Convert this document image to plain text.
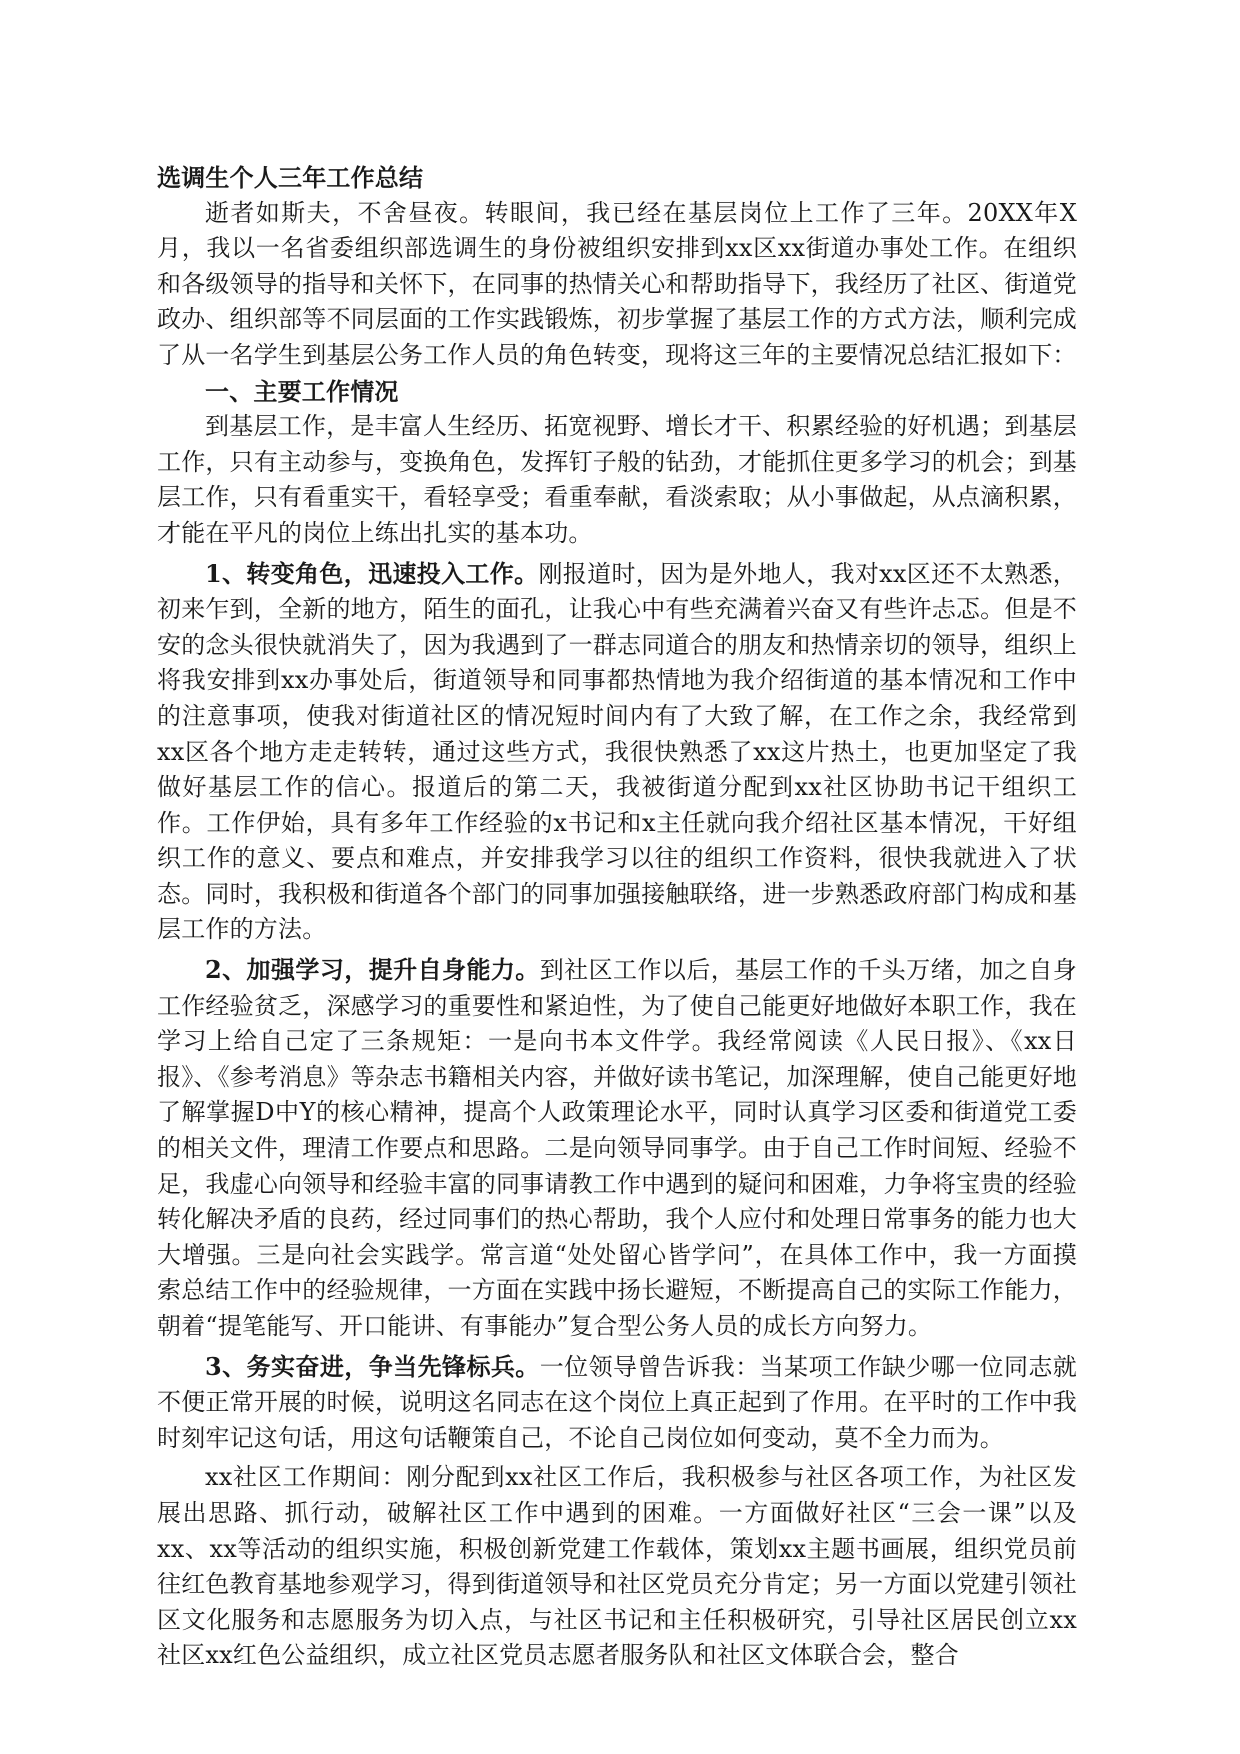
选调生个人三年工作总结

逝者如斯夫，不舍昼夜。转眼间，我已经在基层岗位上工作了三年。20XX年X月，我以一名省委组织部选调生的身份被组织安排到xx区xx街道办事处工作。在组织和各级领导的指导和关怀下，在同事的热情关心和帮助指导下，我经历了社区、街道党政办、组织部等不同层面的工作实践锻炼，初步掌握了基层工作的方式方法，顺利完成了从一名学生到基层公务工作人员的角色转变，现将这三年的主要情况总结汇报如下：

一、主要工作情况

到基层工作，是丰富人生经历、拓宽视野、增长才干、积累经验的好机遇；到基层工作，只有主动参与，变换角色，发挥钉子般的钻劲，才能抓住更多学习的机会；到基层工作，只有看重实干，看轻享受；看重奉献，看淡索取；从小事做起，从点滴积累，才能在平凡的岗位上练出扎实的基本功。

1、转变角色，迅速投入工作。刚报道时，因为是外地人，我对xx区还不太熟悉，初来乍到，全新的地方，陌生的面孔，让我心中有些充满着兴奋又有些许忐忑。但是不安的念头很快就消失了，因为我遇到了一群志同道合的朋友和热情亲切的领导，组织上将我安排到xx办事处后，街道领导和同事都热情地为我介绍街道的基本情况和工作中的注意事项，使我对街道社区的情况短时间内有了大致了解，在工作之余，我经常到xx区各个地方走走转转，通过这些方式，我很快熟悉了xx这片热土，也更加坚定了我做好基层工作的信心。报道后的第二天，我被街道分配到xx社区协助书记干组织工作。工作伊始，具有多年工作经验的x书记和x主任就向我介绍社区基本情况，干好组织工作的意义、要点和难点，并安排我学习以往的组织工作资料，很快我就进入了状态。同时，我积极和街道各个部门的同事加强接触联络，进一步熟悉政府部门构成和基层工作的方法。

2、加强学习，提升自身能力。到社区工作以后，基层工作的千头万绪，加之自身工作经验贫乏，深感学习的重要性和紧迫性，为了使自己能更好地做好本职工作，我在学习上给自己定了三条规矩：一是向书本文件学。我经常阅读《人民日报》、《xx日报》、《参考消息》等杂志书籍相关内容，并做好读书笔记，加深理解，使自己能更好地了解掌握D中Y的核心精神，提高个人政策理论水平，同时认真学习区委和街道党工委的相关文件，理清工作要点和思路。二是向领导同事学。由于自己工作时间短、经验不足，我虚心向领导和经验丰富的同事请教工作中遇到的疑问和困难，力争将宝贵的经验转化解决矛盾的良药，经过同事们的热心帮助，我个人应付和处理日常事务的能力也大大增强。三是向社会实践学。常言道“处处留心皆学问”，在具体工作中，我一方面摸索总结工作中的经验规律，一方面在实践中扬长避短，不断提高自己的实际工作能力，朝着“提笔能写、开口能讲、有事能办”复合型公务人员的成长方向努力。

3、务实奋进，争当先锋标兵。一位领导曾告诉我：当某项工作缺少哪一位同志就不便正常开展的时候，说明这名同志在这个岗位上真正起到了作用。在平时的工作中我时刻牢记这句话，用这句话鞭策自己，不论自己岗位如何变动，莫不全力而为。

xx社区工作期间：刚分配到xx社区工作后，我积极参与社区各项工作，为社区发展出思路、抓行动，破解社区工作中遇到的困难。一方面做好社区“三会一课”以及xx、xx等活动的组织实施，积极创新党建工作载体，策划xx主题书画展，组织党员前往红色教育基地参观学习，得到街道领导和社区党员充分肯定；另一方面以党建引领社区文化服务和志愿服务为切入点，与社区书记和主任积极研究，引导社区居民创立xx社区xx红色公益组织，成立社区党员志愿者服务队和社区文体联合会，整合
